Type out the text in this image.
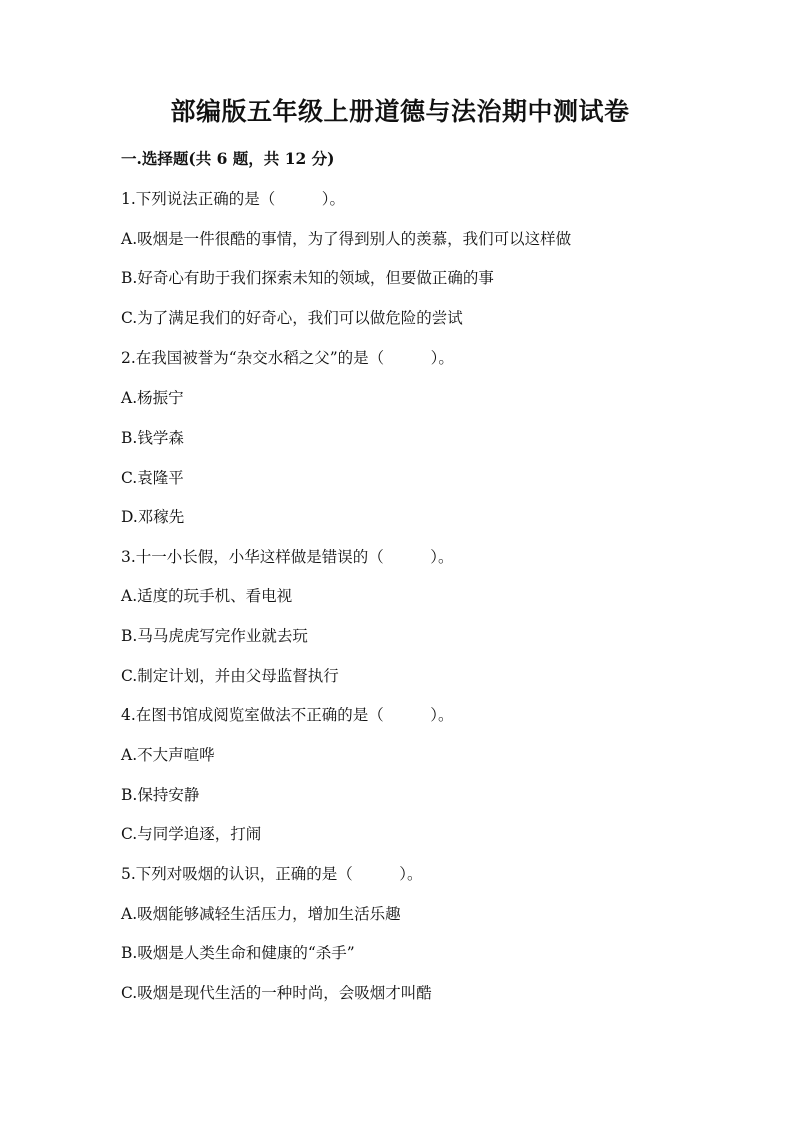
部编版五年级上册道德与法治期中测试卷
一.选择题(共 6 题，共 12 分)
1.下列说法正确的是（　　　）。
A.吸烟是一件很酷的事情，为了得到别人的羡慕，我们可以这样做
B.好奇心有助于我们探索未知的领域，但要做正确的事
C.为了满足我们的好奇心，我们可以做危险的尝试
2.在我国被誉为“杂交水稻之父”的是（　　　）。
A.杨振宁
B.钱学森
C.袁隆平
D.邓稼先
3.十一小长假，小华这样做是错误的（　　　）。
A.适度的玩手机、看电视
B.马马虎虎写完作业就去玩
C.制定计划，并由父母监督执行
4.在图书馆成阅览室做法不正确的是（　　　）。
A.不大声喧哗
B.保持安静
C.与同学追逐，打闹
5.下列对吸烟的认识，正确的是（　　　）。
A.吸烟能够减轻生活压力，增加生活乐趣
B.吸烟是人类生命和健康的“杀手”
C.吸烟是现代生活的一种时尚，会吸烟才叫酷
